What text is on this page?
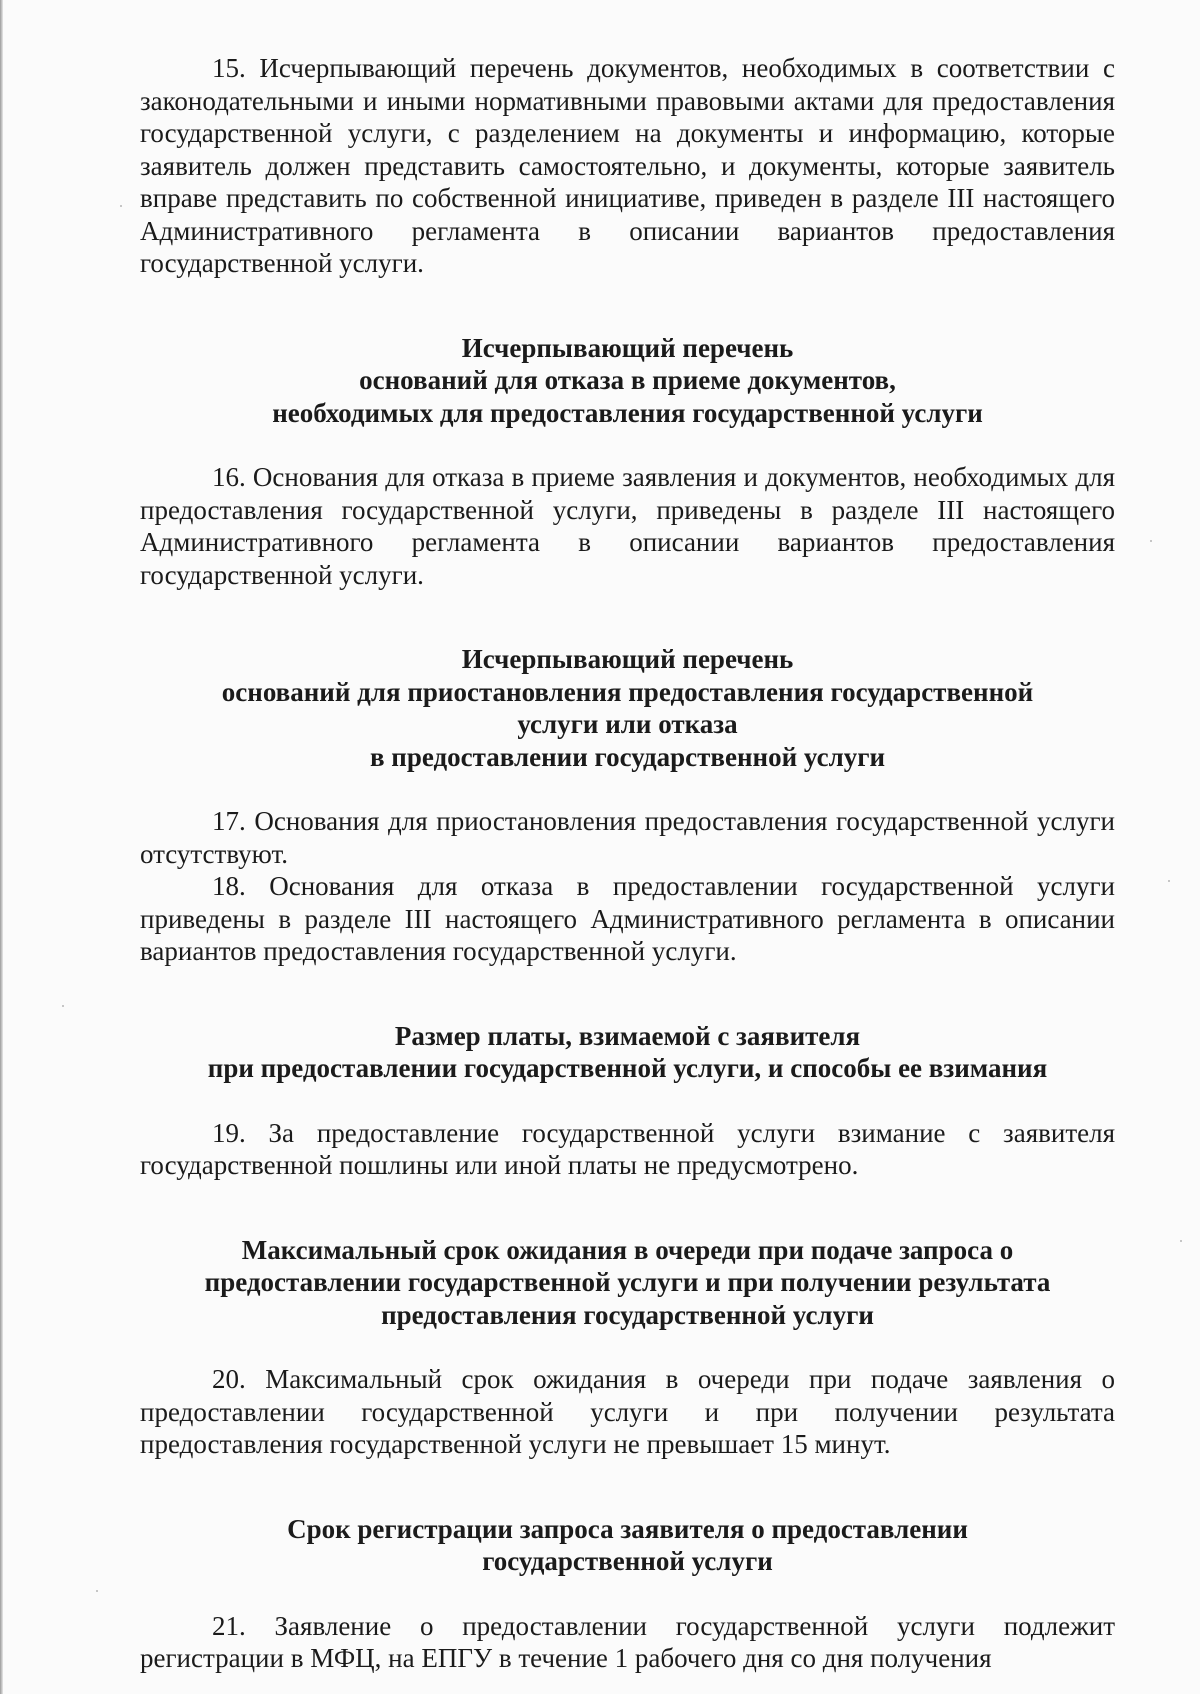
15. Исчерпывающий перечень документов, необходимых в соответствии с законодательными и иными нормативными правовыми актами для предоставления государственной услуги, с разделением на документы и информацию, которые заявитель должен представить самостоятельно, и документы, которые заявитель вправе представить по собственной инициативе, приведен в разделе III настоящего Административного регламента в описании вариантов предоставления государственной услуги.

Исчерпывающий перечень
оснований для отказа в приеме документов,
необходимых для предоставления государственной услуги

16. Основания для отказа в приеме заявления и документов, необходимых для предоставления государственной услуги, приведены в разделе III настоящего Административного регламента в описании вариантов предоставления государственной услуги.

Исчерпывающий перечень
оснований для приостановления предоставления государственной
услуги или отказа
в предоставлении государственной услуги

17. Основания для приостановления предоставления государственной услуги отсутствуют.

18. Основания для отказа в предоставлении государственной услуги приведены в разделе III настоящего Административного регламента в описании вариантов предоставления государственной услуги.

Размер платы, взимаемой с заявителя
при предоставлении государственной услуги, и способы ее взимания

19. За предоставление государственной услуги взимание с заявителя государственной пошлины или иной платы не предусмотрено.

Максимальный срок ожидания в очереди при подаче запроса о
предоставлении государственной услуги и при получении результата
предоставления государственной услуги

20. Максимальный срок ожидания в очереди при подаче заявления о предоставлении государственной услуги и при получении результата предоставления государственной услуги не превышает 15 минут.

Срок регистрации запроса заявителя о предоставлении
государственной услуги

21. Заявление о предоставлении государственной услуги подлежит регистрации в МФЦ, на ЕПГУ в течение 1 рабочего дня со дня получения
